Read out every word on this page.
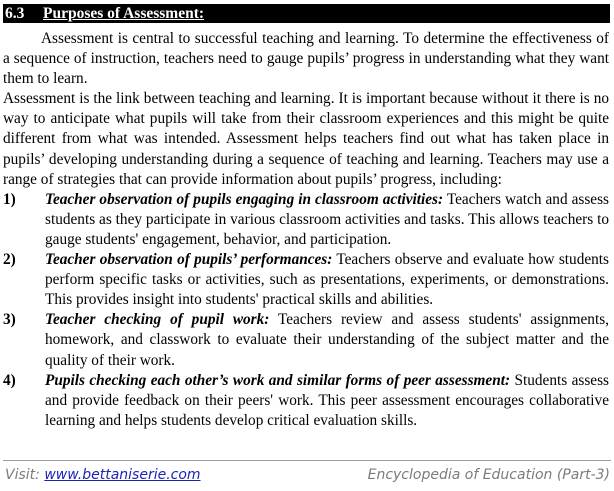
6.3 Purposes of Assessment:

Assessment is central to successful teaching and learning. To determine the effectiveness of a sequence of instruction, teachers need to gauge pupils’ progress in understanding what they want them to learn.

Assessment is the link between teaching and learning. It is important because without it there is no way to anticipate what pupils will take from their classroom experiences and this might be quite different from what was intended. Assessment helps teachers find out what has taken place in pupils’ developing understanding during a sequence of teaching and learning. Teachers may use a range of strategies that can provide information about pupils’ progress, including:

1) Teacher observation of pupils engaging in classroom activities: Teachers watch and assess students as they participate in various classroom activities and tasks. This allows teachers to gauge students' engagement, behavior, and participation.

2) Teacher observation of pupils’ performances: Teachers observe and evaluate how students perform specific tasks or activities, such as presentations, experiments, or demonstrations. This provides insight into students' practical skills and abilities.

3) Teacher checking of pupil work: Teachers review and assess students' assignments, homework, and classwork to evaluate their understanding of the subject matter and the quality of their work.

4) Pupils checking each other’s work and similar forms of peer assessment: Students assess and provide feedback on their peers' work. This peer assessment encourages collaborative learning and helps students develop critical evaluation skills.

Visit: www.bettaniserie.com	Encyclopedia of Education (Part-3)
